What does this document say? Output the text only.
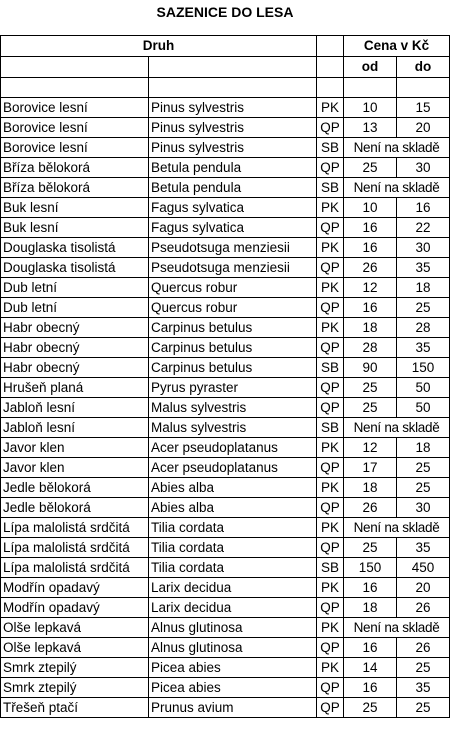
SAZENICE DO LESA
Druh			Cena v Kč	
			od	do

Borovice lesní	Pinus sylvestris	PK	10	15
Borovice lesní	Pinus sylvestris	QP	13	20
Borovice lesní	Pinus sylvestris	SB	Není na skladě	
Bříza bělokorá	Betula pendula	QP	25	30
Bříza bělokorá	Betula pendula	SB	Není na skladě	
Buk lesní	Fagus sylvatica	PK	10	16
Buk lesní	Fagus sylvatica	QP	16	22
Douglaska tisolistá	Pseudotsuga menziesii	PK	16	30
Douglaska tisolistá	Pseudotsuga menziesii	QP	26	35
Dub letní	Quercus robur	PK	12	18
Dub letní	Quercus robur	QP	16	25
Habr obecný	Carpinus betulus	PK	18	28
Habr obecný	Carpinus betulus	QP	28	35
Habr obecný	Carpinus betulus	SB	90	150
Hrušeň planá	Pyrus pyraster	QP	25	50
Jabloň lesní	Malus sylvestris	QP	25	50
Jabloň lesní	Malus sylvestris	SB	Není na skladě	
Javor klen	Acer pseudoplatanus	PK	12	18
Javor klen	Acer pseudoplatanus	QP	17	25
Jedle bělokorá	Abies alba	PK	18	25
Jedle bělokorá	Abies alba	QP	26	30
Lípa malolistá srdčitá	Tilia cordata	PK	Není na skladě	
Lípa malolistá srdčitá	Tilia cordata	QP	25	35
Lípa malolistá srdčitá	Tilia cordata	SB	150	450
Modřín opadavý	Larix decidua	PK	16	20
Modřín opadavý	Larix decidua	QP	18	26
Olše lepkavá	Alnus glutinosa	PK	Není na skladě	
Olše lepkavá	Alnus glutinosa	QP	16	26
Smrk ztepilý	Picea abies	PK	14	25
Smrk ztepilý	Picea abies	QP	16	35
Třešeň ptačí	Prunus avium	QP	25	25
